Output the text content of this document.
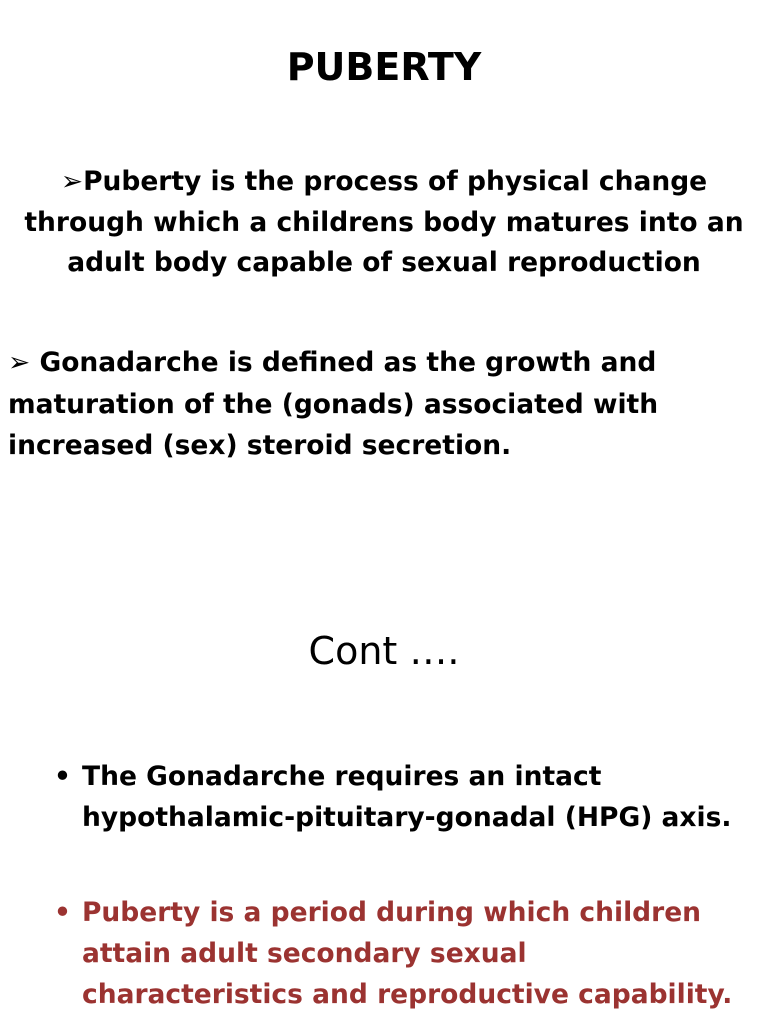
PUBERTY
➢Puberty is the process of physical change through which a childrens body matures into an adult body capable of sexual reproduction
➢ Gonadarche is defined as the growth and maturation of the (gonads) associated with increased (sex) steroid secretion.
Cont ….
• The Gonadarche requires an intact hypothalamic-pituitary-gonadal (HPG) axis.
• Puberty is a period during which children attain adult secondary sexual characteristics and reproductive capability.
